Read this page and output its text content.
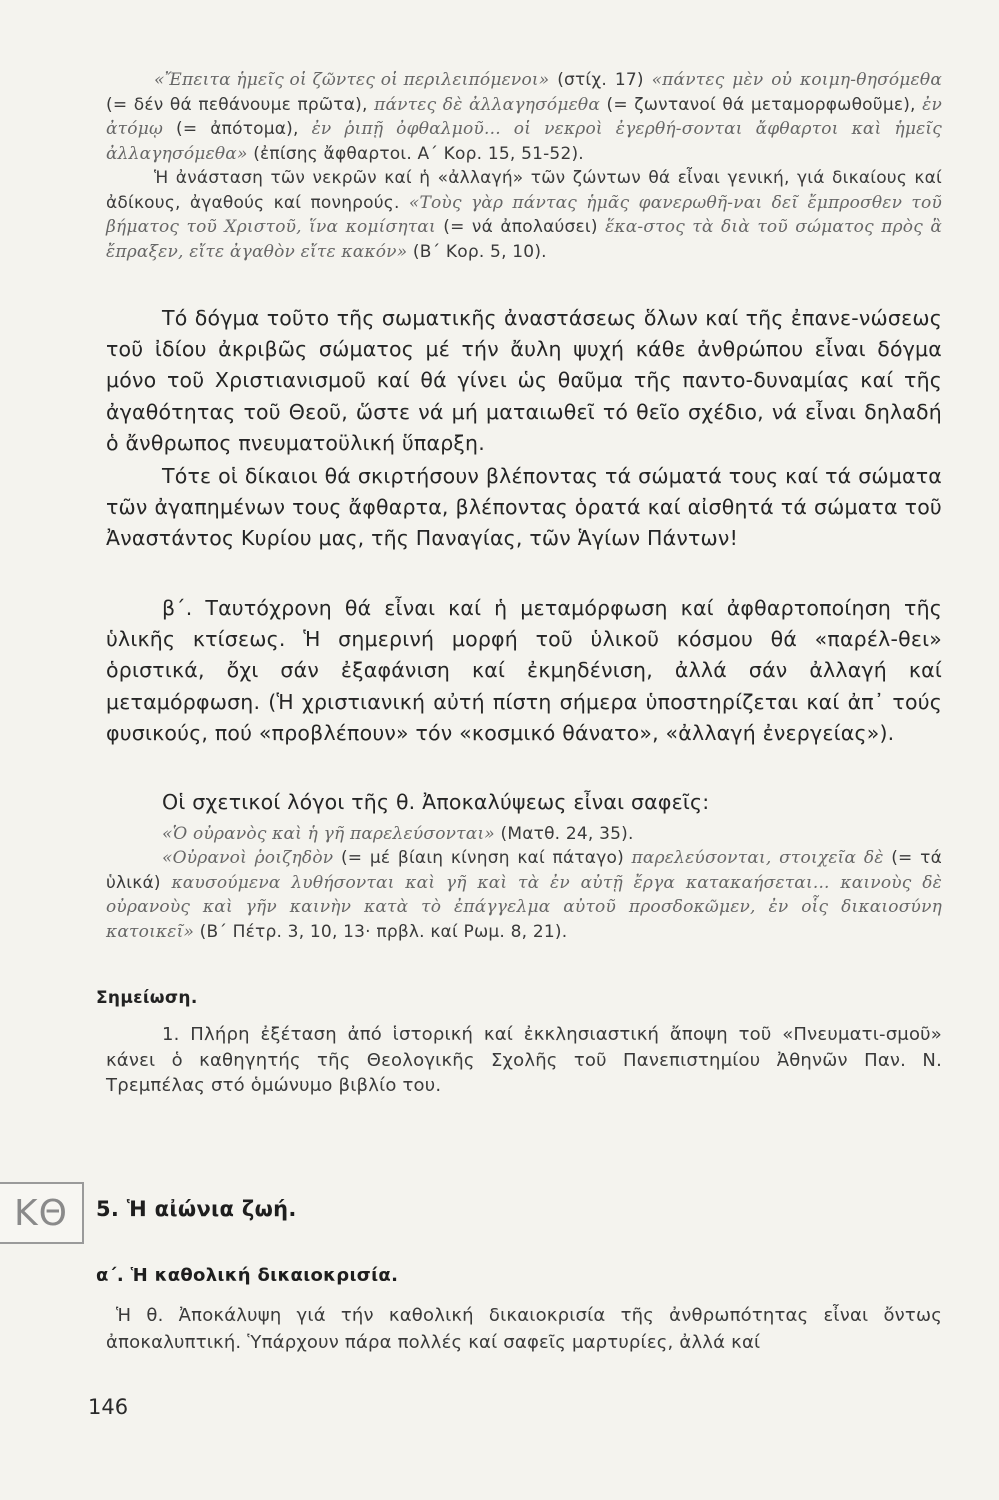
«Ἔπειτα ἡμεῖς οἱ ζῶντες οἱ περιλειπόμενοι» (στίχ. 17) «πάντες μὲν οὐ κοιμη-θησόμεθα (= δέν θά πεθάνουμε πρῶτα), πάντες δὲ ἀλλαγησόμεθα (= ζωντανοί θά μεταμορφωθοῦμε), ἐν ἀτόμῳ (= ἀπότομα), ἐν ῥιπῇ ὀφθαλμοῦ... οἱ νεκροὶ ἐγερθή-σονται ἄφθαρτοι καὶ ἡμεῖς ἀλλαγησόμεθα» (ἐπίσης ἄφθαρτοι. Α΄ Κορ. 15, 51-52).

Ἡ ἀνάσταση τῶν νεκρῶν καί ἡ «ἀλλαγή» τῶν ζώντων θά εἶναι γενική, γιά δικαίους καί ἀδίκους, ἀγαθούς καί πονηρούς. «Τοὺς γὰρ πάντας ἡμᾶς φανερωθῆ-ναι δεῖ ἔμπροσθεν τοῦ βήματος τοῦ Χριστοῦ, ἵνα κομίσηται (= νά ἀπολαύσει) ἕκα-στος τὰ διὰ τοῦ σώματος πρὸς ἃ ἔπραξεν, εἴτε ἀγαθὸν εἴτε κακόν» (Β΄ Κορ. 5, 10).

Τό δόγμα τοῦτο τῆς σωματικῆς ἀναστάσεως ὅλων καί τῆς ἐπανε-νώσεως τοῦ ἰδίου ἀκριβῶς σώματος μέ τήν ἄυλη ψυχή κάθε ἀνθρώπου εἶναι δόγμα μόνο τοῦ Χριστιανισμοῦ καί θά γίνει ὡς θαῦμα τῆς παντο-δυναμίας καί τῆς ἀγαθότητας τοῦ Θεοῦ, ὥστε νά μή ματαιωθεῖ τό θεῖο σχέδιο, νά εἶναι δηλαδή ὁ ἄνθρωπος πνευματοϋλική ὕπαρξη.

Τότε οἱ δίκαιοι θά σκιρτήσουν βλέποντας τά σώματά τους καί τά σώματα τῶν ἀγαπημένων τους ἄφθαρτα, βλέποντας ὁρατά καί αἰσθητά τά σώματα τοῦ Ἀναστάντος Κυρίου μας, τῆς Παναγίας, τῶν Ἁγίων Πάντων!

β΄. Ταυτόχρονη θά εἶναι καί ἡ μεταμόρφωση καί ἀφθαρτοποίηση τῆς ὑλικῆς κτίσεως. Ἡ σημερινή μορφή τοῦ ὑλικοῦ κόσμου θά «παρέλ-θει» ὁριστικά, ὄχι σάν ἐξαφάνιση καί ἐκμηδένιση, ἀλλά σάν ἀλλαγή καί μεταμόρφωση. (Ἡ χριστιανική αὐτή πίστη σήμερα ὑποστηρίζεται καί ἀπ᾿ τούς φυσικούς, πού «προβλέπουν» τόν «κοσμικό θάνατο», «ἀλλαγή ἐνεργείας»).

Οἱ σχετικοί λόγοι τῆς θ. Ἀποκαλύψεως εἶναι σαφεῖς:

«Ὁ οὐρανὸς καὶ ἡ γῆ παρελεύσονται» (Ματθ. 24, 35).

«Οὐρανοὶ ῥοιζηδὸν (= μέ βίαιη κίνηση καί πάταγο) παρελεύσονται, στοιχεῖα δὲ (= τά ὑλικά) καυσούμενα λυθήσονται καὶ γῆ καὶ τὰ ἐν αὐτῇ ἔργα κατακαήσεται... καινοὺς δὲ οὐρανοὺς καὶ γῆν καινὴν κατὰ τὸ ἐπάγγελμα αὐτοῦ προσδοκῶμεν, ἐν οἷς δικαιοσύνη κατοικεῖ» (Β΄ Πέτρ. 3, 10, 13· πρβλ. καί Ρωμ. 8, 21).

Σημείωση.

1. Πλήρη ἐξέταση ἀπό ἱστορική καί ἐκκλησιαστική ἄποψη τοῦ «Πνευματι-σμοῦ» κάνει ὁ καθηγητής τῆς Θεολογικῆς Σχολῆς τοῦ Πανεπιστημίου Ἀθηνῶν Παν. Ν. Τρεμπέλας στό ὁμώνυμο βιβλίο του.

ΚΘ	5. Ἡ αἰώνια ζωή.
α΄. Ἡ καθολική δικαιοκρισία.

Ἡ θ. Ἀποκάλυψη γιά τήν καθολική δικαιοκρισία τῆς ἀνθρωπότητας εἶναι ὄντως ἀποκαλυπτική. Ὑπάρχουν πάρα πολλές καί σαφεῖς μαρτυρίες, ἀλλά καί

146
